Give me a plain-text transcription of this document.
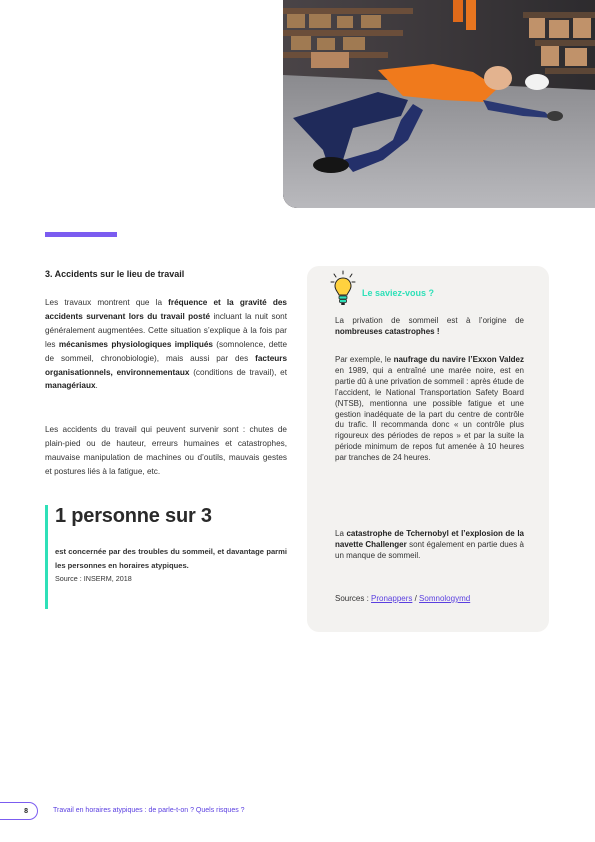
3. Accidents sur le lieu de travail
Les travaux montrent que la fréquence et la gravité des accidents survenant lors du travail posté incluant la nuit sont généralement augmentées. Cette situation s’explique à la fois par les mécanismes physiologiques impliqués (somnolence, dette de sommeil, chronobiologie), mais aussi par des facteurs organisationnels, environnementaux (conditions de travail), et managériaux.
Les accidents du travail qui peuvent survenir sont : chutes de plain-pied ou de hauteur, erreurs humaines et catastrophes, mauvaise manipulation de machines ou d’outils, mauvais gestes et postures liés à la fatigue, etc.
1 personne sur 3
est concernée par des troubles du sommeil, et davantage parmi les personnes en horaires atypiques.
Source : INSERM, 2018
Le saviez-vous ?
La privation de sommeil est à l’origine de nombreuses catastrophes !
Par exemple, le naufrage du navire l’Exxon Valdez en 1989, qui a entraîné une marée noire, est en partie dû à une privation de sommeil : après étude de l’accident, le National Transportation Safety Board (NTSB), mentionna une possible fatigue et une gestion inadéquate de la part du centre de contrôle du trafic. Il recommanda donc « un contrôle plus rigoureux des périodes de repos » et par la suite la période minimum de repos fut amenée à 10 heures par tranches de 24 heures.
La catastrophe de Tchernobyl et l’explosion de la navette Challenger sont également en partie dues à un manque de sommeil.
Sources : Pronappers / Somnologymd
8	Travail en horaires atypiques : de parle-t-on ? Quels risques ?
